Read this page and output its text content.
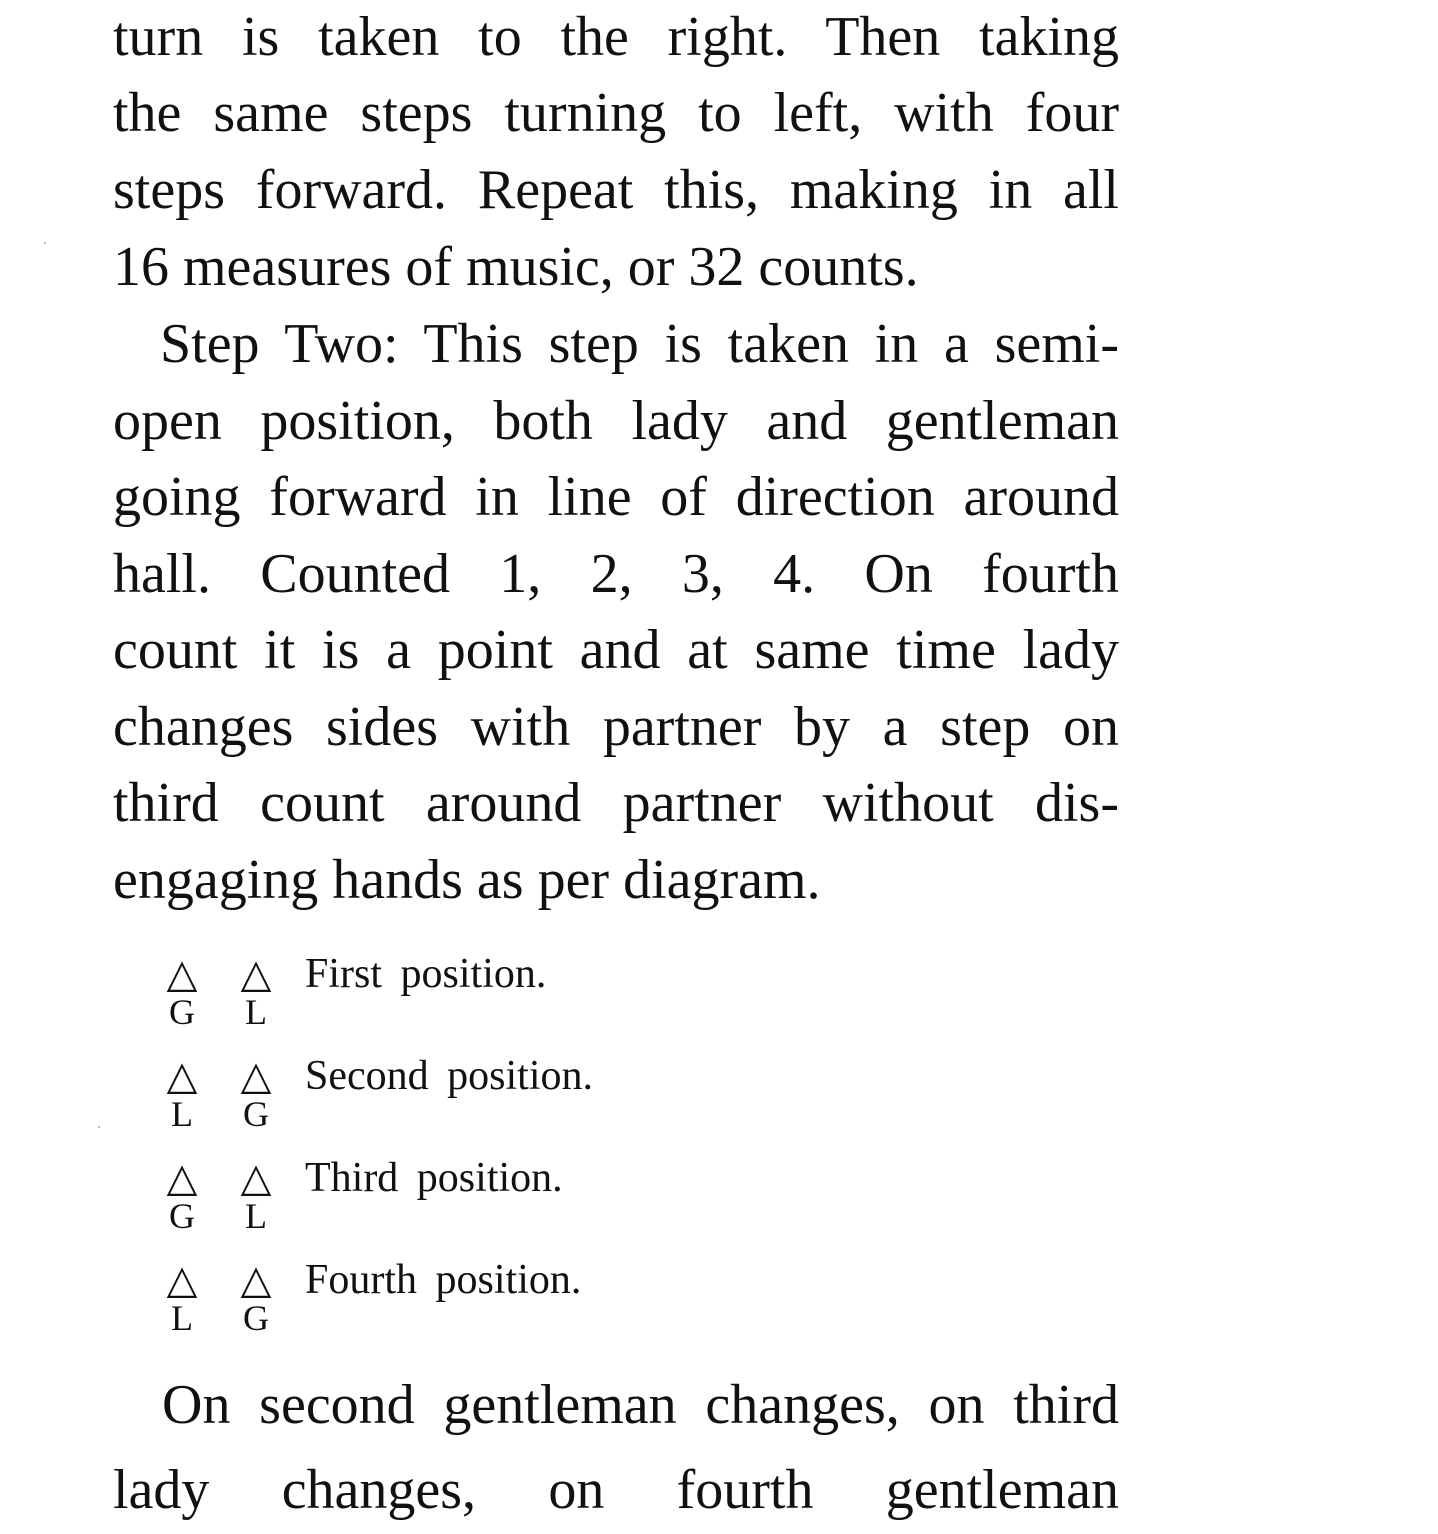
turn is taken to the right. Then taking
the same steps turning to left, with four
steps forward. Repeat this, making in all
16 measures of music, or 32 counts.
Step Two: This step is taken in a semi-
open position, both lady and gentleman
going forward in line of direction around
hall. Counted 1, 2, 3, 4. On fourth
count it is a point and at same time lady
changes sides with partner by a step on
third count around partner without dis-
engaging hands as per diagram.
△ △
G	L
First position.
△ △
L	G
Second position.
△ △
G	L
Third position.
△ △
L	G
Fourth position.
On second gentleman changes, on third
lady changes, on fourth gentleman
